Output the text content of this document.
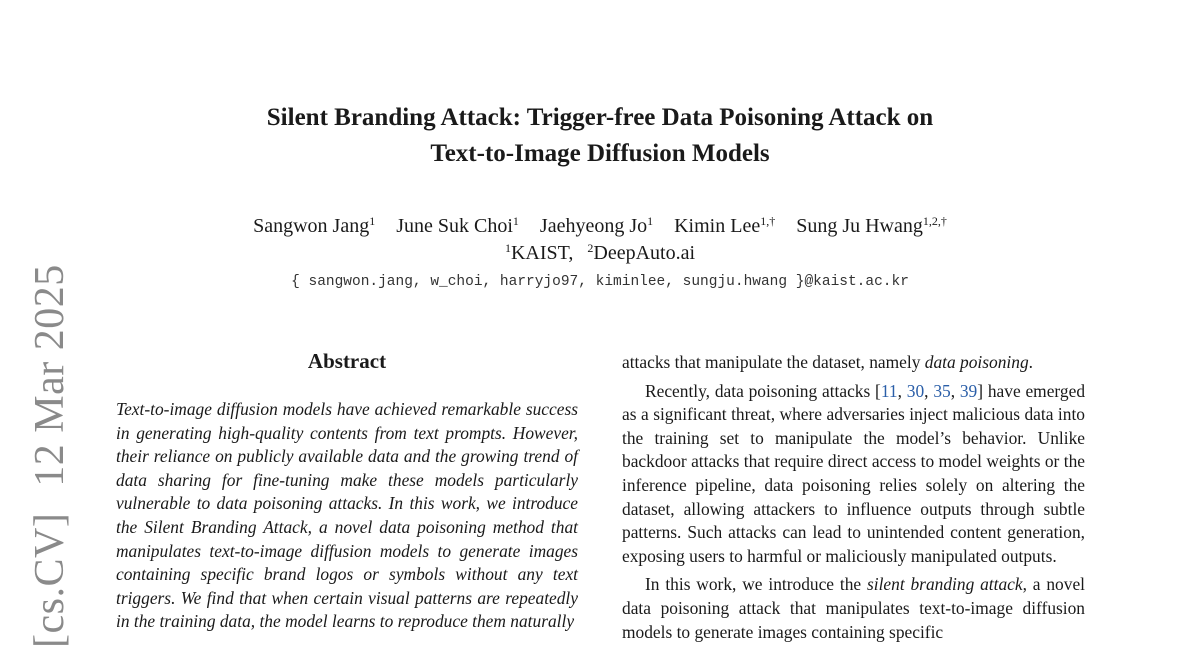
[cs.CV]12 Mar 2025
Silent Branding Attack: Trigger-free Data Poisoning Attack on
Text-to-Image Diffusion Models
Sangwon Jang$^1$ June Suk Choi$^1$ Jaehyeong Jo$^1$ Kimin Lee$^{1,\dagger}$ Sung Ju Hwang$^{1,2,\dagger}$
$^1$KAIST, $^2$DeepAuto.ai
{ sangwon.jang, w_choi, harryjo97, kiminlee, sungju.hwang }@kaist.ac.kr
Abstract
Text-to-image diffusion models have achieved remarkable success in generating high-quality contents from text prompts. However, their reliance on publicly available data and the growing trend of data sharing for fine-tuning make these models particularly vulnerable to data poisoning attacks. In this work, we introduce the Silent Branding Attack, a novel data poisoning method that manipulates text-to-image diffusion models to generate images containing specific brand logos or symbols without any text triggers. We find that when certain visual patterns are repeatedly in the training data, the model learns to reproduce them naturally
attacks that manipulate the dataset, namely data poisoning.
Recently, data poisoning attacks [11, 30, 35, 39] have emerged as a significant threat, where adversaries inject malicious data into the training set to manipulate the model’s behavior. Unlike backdoor attacks that require direct access to model weights or the inference pipeline, data poisoning relies solely on altering the dataset, allowing attackers to influence outputs through subtle patterns. Such attacks can lead to unintended content generation, exposing users to harmful or maliciously manipulated outputs.
In this work, we introduce the silent branding attack, a novel data poisoning attack that manipulates text-to-image diffusion models to generate images containing specific
